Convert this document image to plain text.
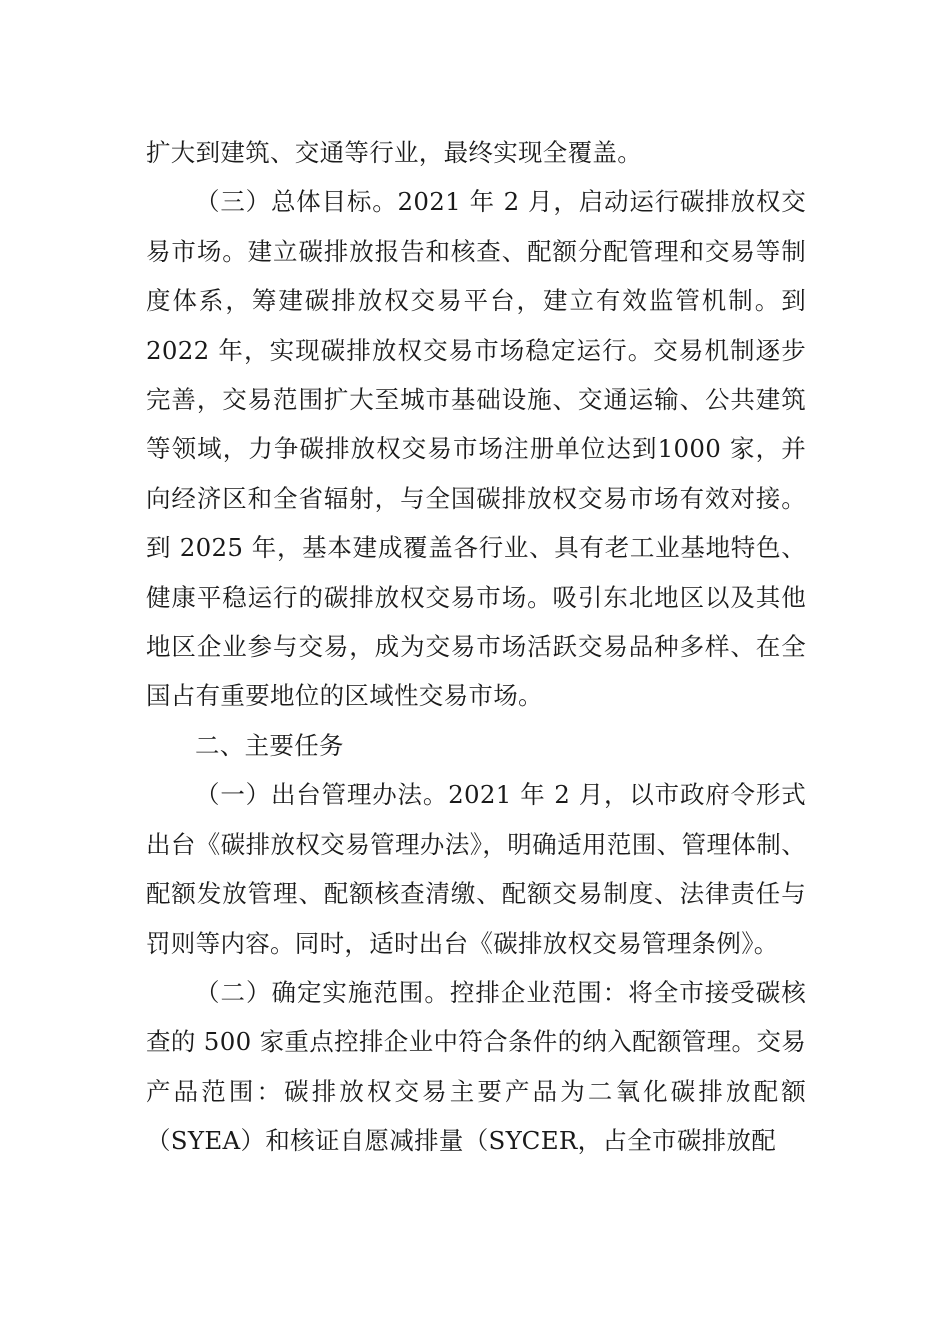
扩大到建筑、交通等行业，最终实现全覆盖。

（三）总体目标。2021 年 2 月，启动运行碳排放权交易市场。建立碳排放报告和核查、配额分配管理和交易等制度体系，筹建碳排放权交易平台，建立有效监管机制。到 2022 年，实现碳排放权交易市场稳定运行。交易机制逐步完善，交易范围扩大至城市基础设施、交通运输、公共建筑等领域，力争碳排放权交易市场注册单位达到1000 家，并向经济区和全省辐射，与全国碳排放权交易市场有效对接。到 2025 年，基本建成覆盖各行业、具有老工业基地特色、健康平稳运行的碳排放权交易市场。吸引东北地区以及其他地区企业参与交易，成为交易市场活跃交易品种多样、在全国占有重要地位的区域性交易市场。

二、主要任务

（一）出台管理办法。2021 年 2 月，以市政府令形式出台《碳排放权交易管理办法》，明确适用范围、管理体制、配额发放管理、配额核查清缴、配额交易制度、法律责任与罚则等内容。同时，适时出台《碳排放权交易管理条例》。

（二）确定实施范围。控排企业范围：将全市接受碳核查的 500 家重点控排企业中符合条件的纳入配额管理。交易产品范围：碳排放权交易主要产品为二氧化碳排放配额（SYEA）和核证自愿减排量（SYCER，占全市碳排放配
